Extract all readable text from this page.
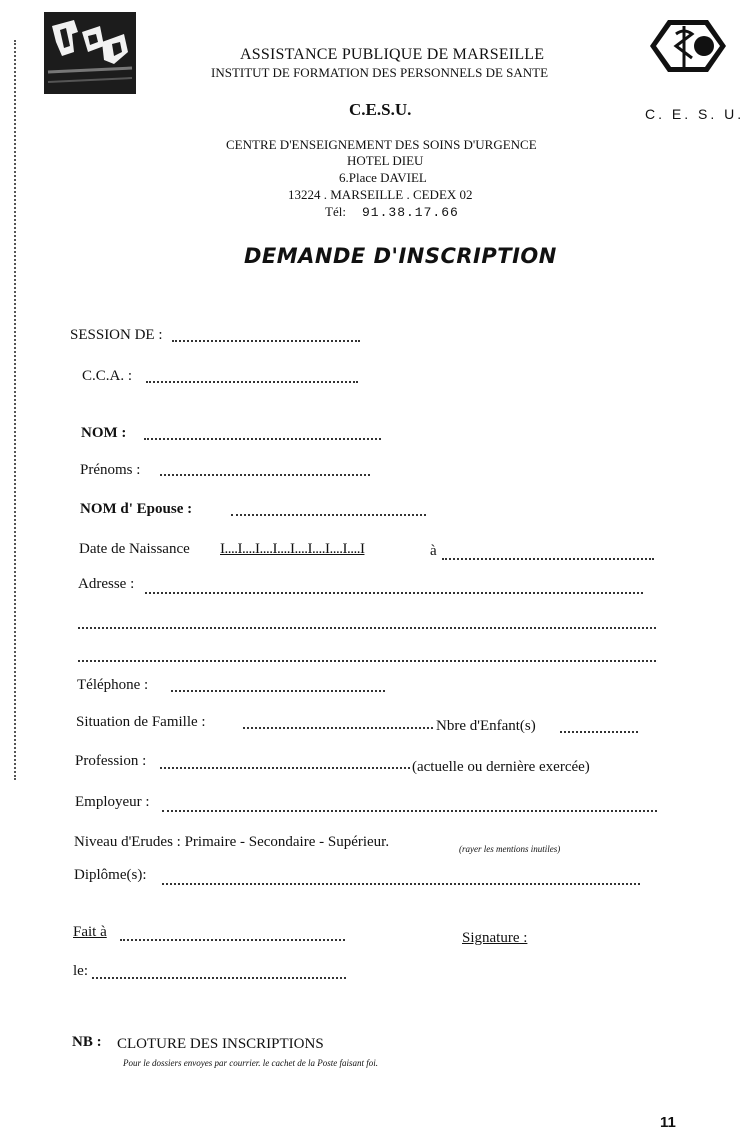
13
C. E. S. U.
ASSISTANCE PUBLIQUE DE MARSEILLE
INSTITUT DE FORMATION DES PERSONNELS DE SANTE
C.E.S.U.
CENTRE D'ENSEIGNEMENT DES SOINS D'URGENCE
HOTEL DIEU
6.Place DAVIEL
13224 . MARSEILLE . CEDEX 02
Tél: 91.38.17.66
DEMANDE D'INSCRIPTION
SESSION DE :
C.C.A. :
NOM :
Prénoms :
NOM d' Epouse :
Date de Naissance I....I....I....I....I....I....I....I....I	à
Adresse :
Téléphone :
Situation de Famille :	Nbre d'Enfant(s)
Profession :	(actuelle ou dernière exercée)
Employeur :
Niveau d'Erudes : Primaire - Secondaire - Supérieur.	(rayer les mentions inutiles)
Diplôme(s):
Fait à	Signature :
le:
NB : CLOTURE DES INSCRIPTIONS
Pour le dossiers envoyes par courrier. le cachet de la Poste faisant foi.
11
